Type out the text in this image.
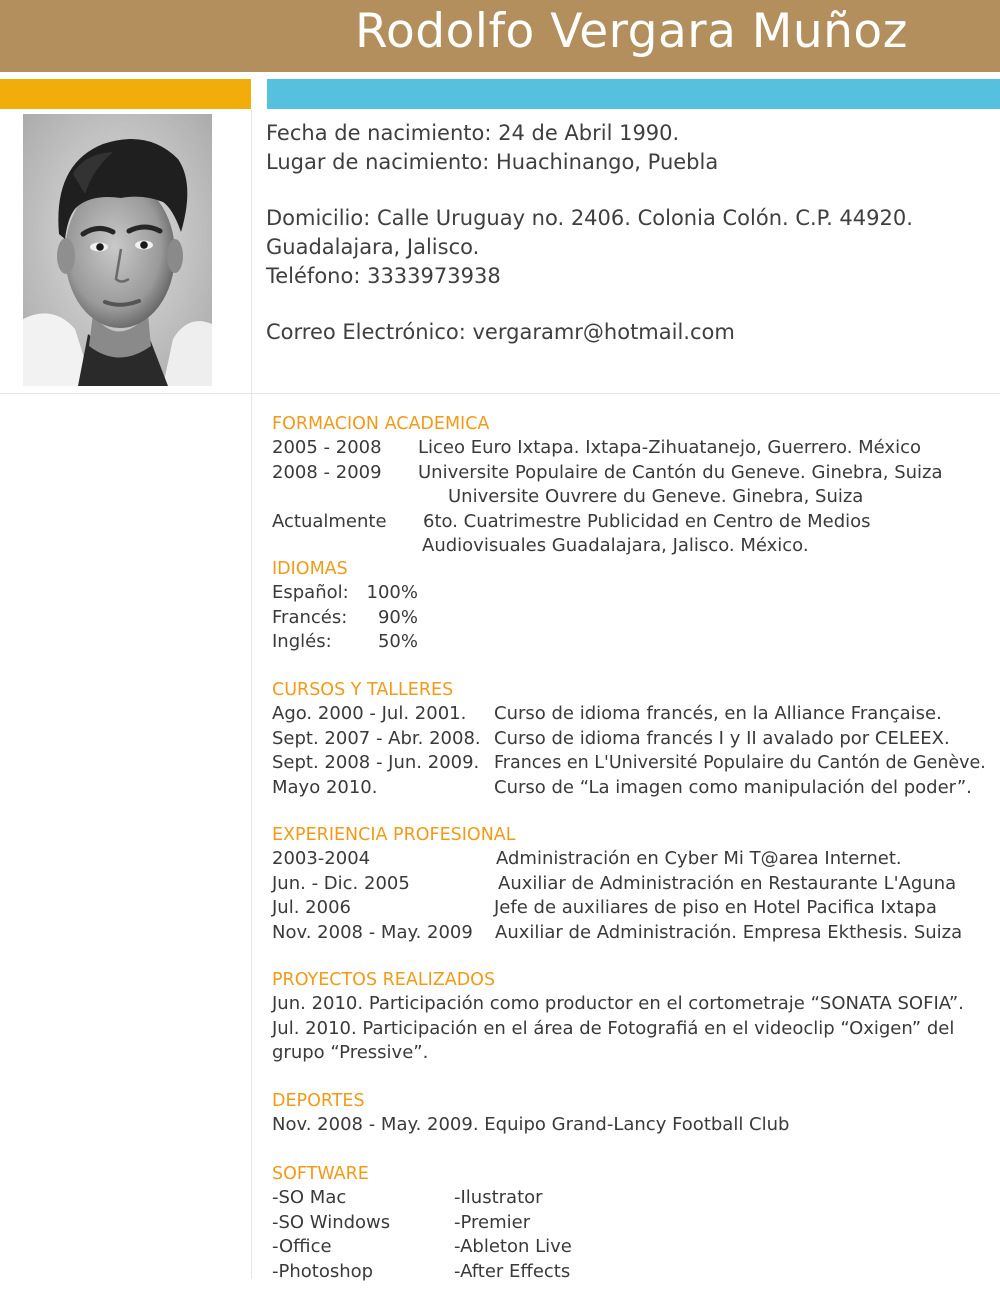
Rodolfo Vergara Muñoz
Fecha de nacimiento: 24 de Abril 1990.
Lugar de nacimiento: Huachinango, Puebla
Domicilio: Calle Uruguay no. 2406. Colonia Colón. C.P. 44920.
Guadalajara, Jalisco.
Teléfono: 3333973938
Correo Electrónico: vergaramr@hotmail.com
FORMACION ACADEMICA
2005 - 2008 Liceo Euro Ixtapa. Ixtapa-Zihuatanejo, Guerrero. México
2008 - 2009 Universite Populaire de Cantón du Geneve. Ginebra, Suiza
Universite Ouvrere du Geneve. Ginebra, Suiza
Actualmente 6to. Cuatrimestre Publicidad en Centro de Medios
Audiovisuales Guadalajara, Jalisco. México.
IDIOMAS
Español: 100%
Francés:	90%
Inglés:	50%
CURSOS Y TALLERES
Ago. 2000 - Jul. 2001. Curso de idioma francés, en la Alliance Française.
Sept. 2007 - Abr. 2008. Curso de idioma francés I y II avalado por CELEEX.
Sept. 2008 - Jun. 2009. Frances en L'Université Populaire du Cantón de Genève.
Mayo 2010.	Curso de “La imagen como manipulación del poder”.
EXPERIENCIA PROFESIONAL
2003-2004	Administración en Cyber Mi T@area Internet.
Jun. - Dic. 2005	Auxiliar de Administración en Restaurante L'Aguna
Jul. 2006	Jefe de auxiliares de piso en Hotel Pacifica Ixtapa
Nov. 2008 - May. 2009 Auxiliar de Administración. Empresa Ekthesis. Suiza
PROYECTOS REALIZADOS
Jun. 2010. Participación como productor en el cortometraje “SONATA SOFIA”.
Jul. 2010. Participación en el área de Fotografiá en el videoclip “Oxigen” del
grupo “Pressive”.
DEPORTES
Nov. 2008 - May. 2009. Equipo Grand-Lancy Football Club
SOFTWARE
-SO Mac	-Ilustrator
-SO Windows	-Premier
-Office	-Ableton Live
-Photoshop	-After Effects
